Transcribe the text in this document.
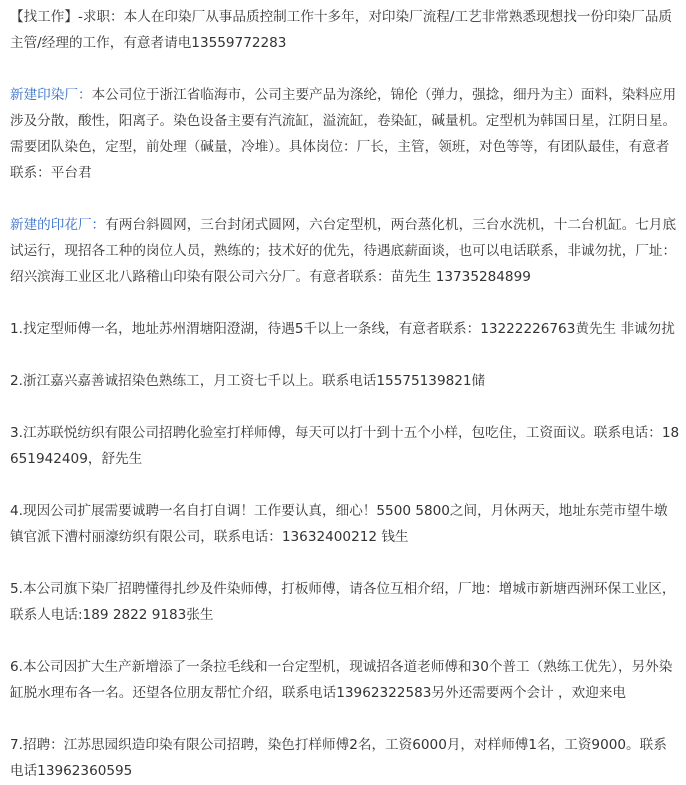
【找工作】-求职：本人在印染厂从事品质控制工作十多年，对印染厂流程/工艺非常熟悉现想找一份印染厂品质主管/经理的工作，有意者请电13559772283

新建印染厂：本公司位于浙江省临海市，公司主要产品为涤纶，锦伦（弹力，强捻，细丹为主）面料，染料应用涉及分散，酸性，阳离子。染色设备主要有汽流缸，溢流缸，卷染缸，碱量机。定型机为韩国日星，江阴日星。需要团队染色，定型，前处理（碱量，冷堆）。具体岗位：厂长，主管，领班，对色等等，有团队最佳，有意者联系：平台君

新建的印花厂：有两台斜圆网，三台封闭式圆网，六台定型机，两台蒸化机，三台水洗机，十二台机缸。七月底试运行，现招各工种的岗位人员，熟练的；技术好的优先，待遇底薪面谈，也可以电话联系，非诚勿扰，厂址：绍兴滨海工业区北八路稽山印染有限公司六分厂。有意者联系：苗先生 13735284899

1.找定型师傅一名，地址苏州渭塘阳澄湖，待遇5千以上一条线，有意者联系：13222226763黄先生 非诚勿扰

2.浙江嘉兴嘉善诚招染色熟练工，月工资七千以上。联系电话15575139821储

3.江苏联悦纺织有限公司招聘化验室打样师傅，每天可以打十到十五个小样，包吃住，工资面议。联系电话：18651942409，舒先生

4.现因公司扩展需要诚聘一名自打自调！工作要认真，细心！5500 5800之间，月休两天，地址东莞市望牛墩镇官派下漕村丽濠纺织有限公司，联系电话：13632400212 钱生

5.本公司旗下染厂招聘懂得扎纱及件染师傅，打板师傅，请各位互相介绍，厂地：增城市新塘西洲环保工业区，联系人电话:189 2822 9183张生

6.本公司因扩大生产新增添了一条拉毛线和一台定型机，现诚招各道老师傅和30个普工（熟练工优先），另外染缸脱水理布各一名。还望各位朋友帮忙介绍，联系电话13962322583另外还需要两个会计 ，欢迎来电

7.招聘：江苏思园织造印染有限公司招聘，染色打样师傅2名，工资6000月，对样师傅1名，工资9000。联系电话13962360595
